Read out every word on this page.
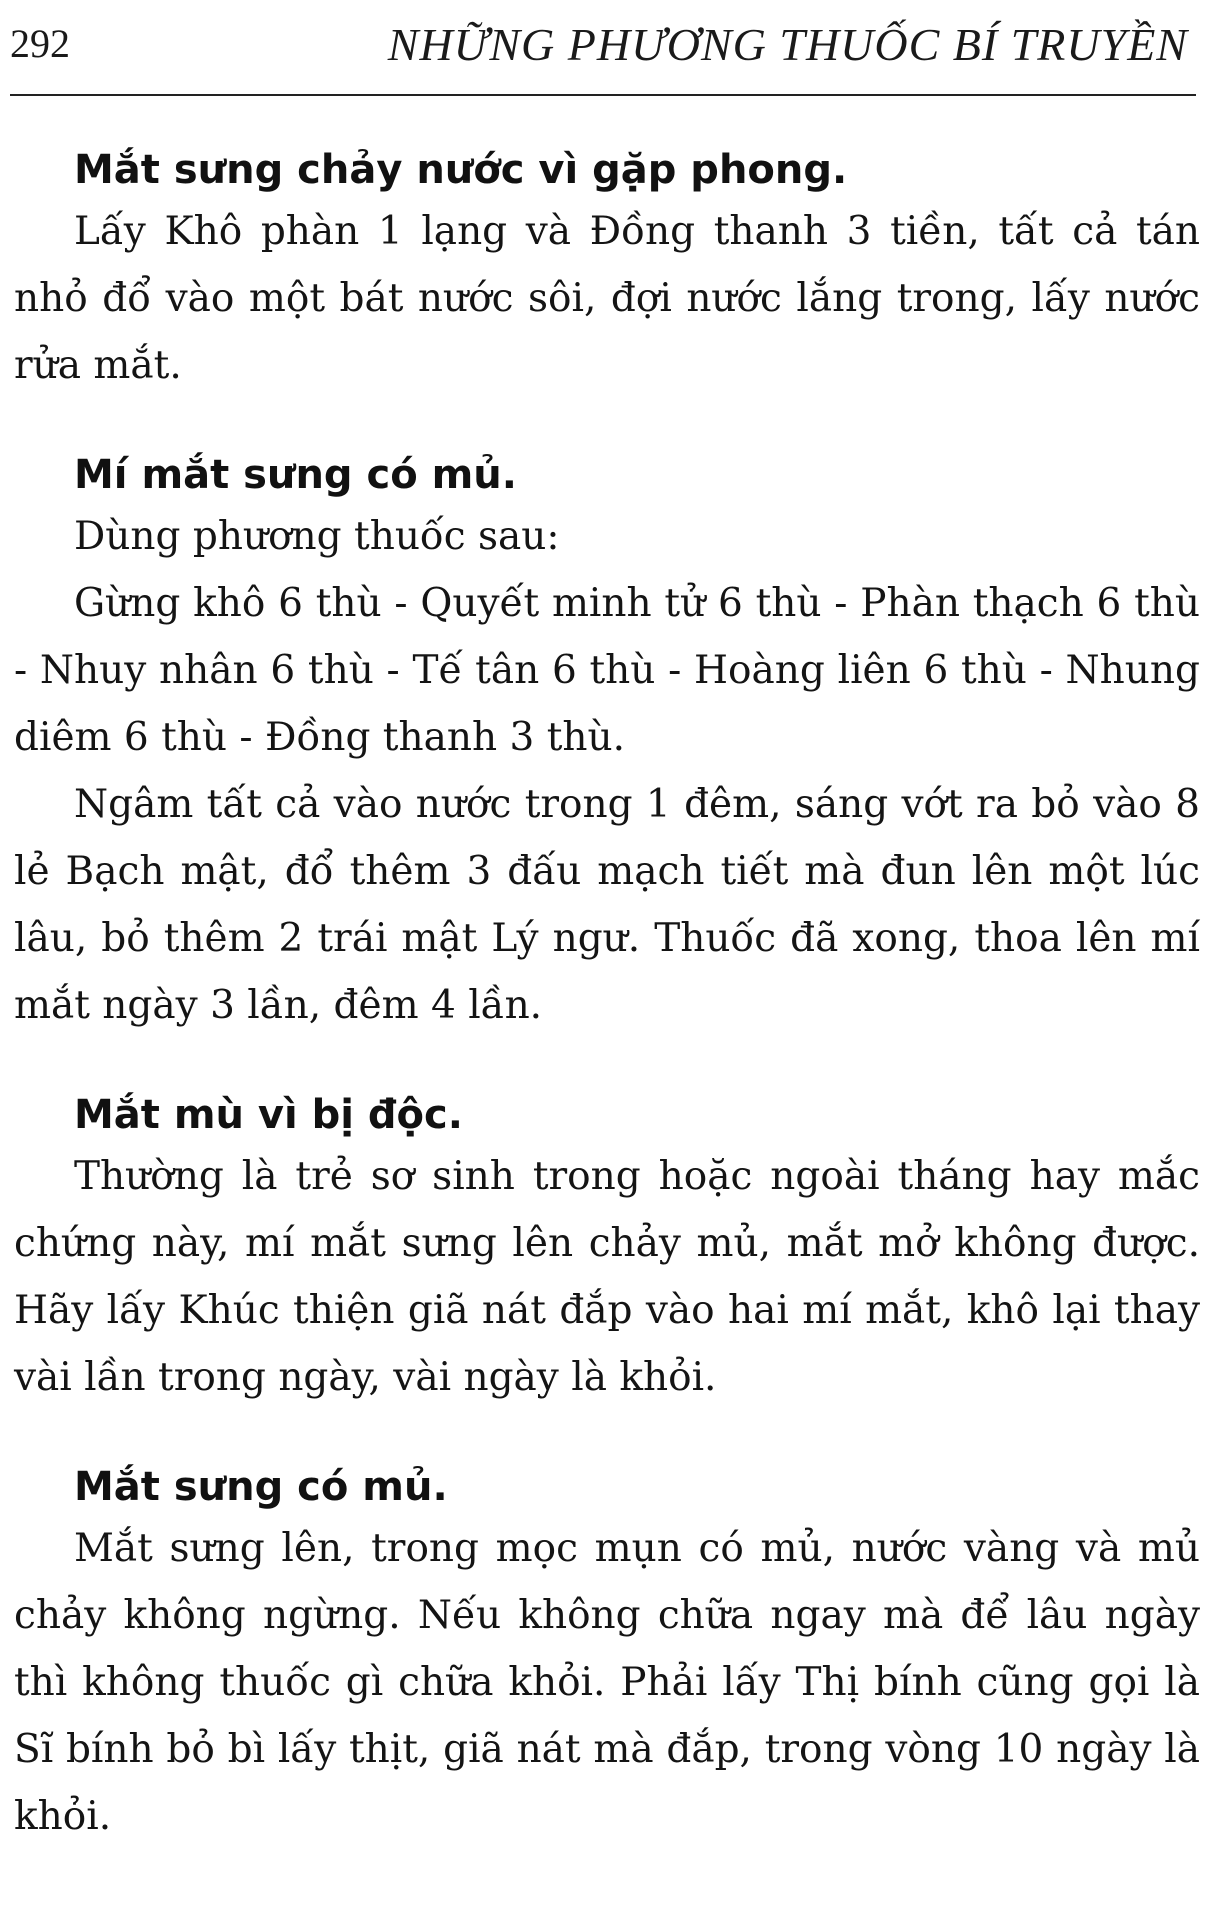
292	NHỮNG PHƯƠNG THUỐC BÍ TRUYỀN
Mắt sưng chảy nước vì gặp phong.

Lấy Khô phàn 1 lạng và Đồng thanh 3 tiền, tất cả tán nhỏ đổ vào một bát nước sôi, đợi nước lắng trong, lấy nước rửa mắt.

Mí mắt sưng có mủ.

Dùng phương thuốc sau:

Gừng khô 6 thù - Quyết minh tử 6 thù - Phàn thạch 6 thù - Nhuy nhân 6 thù - Tế tân 6 thù - Hoàng liên 6 thù - Nhung diêm 6 thù - Đồng thanh 3 thù.

Ngâm tất cả vào nước trong 1 đêm, sáng vớt ra bỏ vào 8 lẻ Bạch mật, đổ thêm 3 đấu mạch tiết mà đun lên một lúc lâu, bỏ thêm 2 trái mật Lý ngư. Thuốc đã xong, thoa lên mí mắt ngày 3 lần, đêm 4 lần.

Mắt mù vì bị độc.

Thường là trẻ sơ sinh trong hoặc ngoài tháng hay mắc chứng này, mí mắt sưng lên chảy mủ, mắt mở không được. Hãy lấy Khúc thiện giã nát đắp vào hai mí mắt, khô lại thay vài lần trong ngày, vài ngày là khỏi.

Mắt sưng có mủ.

Mắt sưng lên, trong mọc mụn có mủ, nước vàng và mủ chảy không ngừng. Nếu không chữa ngay mà để lâu ngày thì không thuốc gì chữa khỏi. Phải lấy Thị bính cũng gọi là Sĩ bính bỏ bì lấy thịt, giã nát mà đắp, trong vòng 10 ngày là khỏi.
